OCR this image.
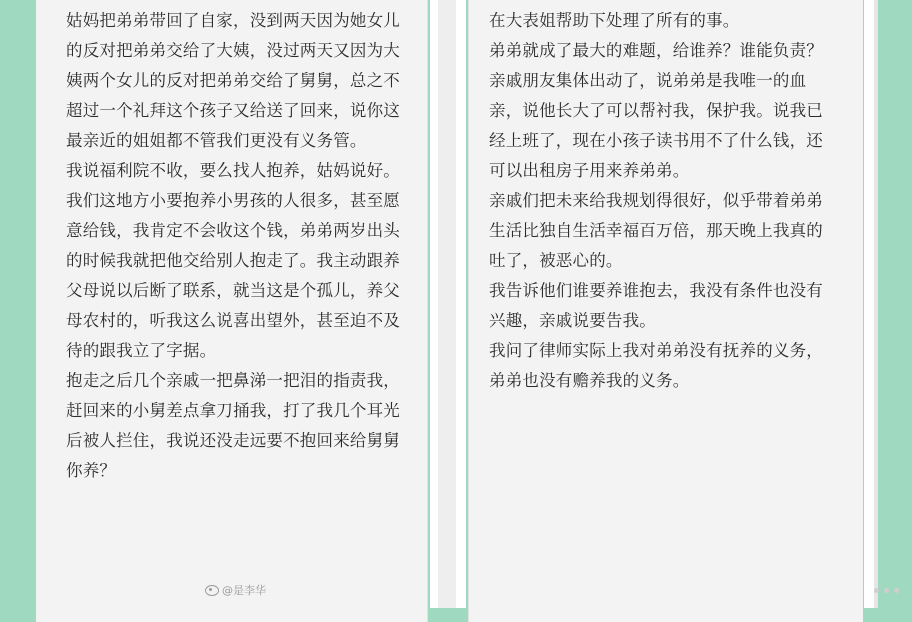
姑妈把弟弟带回了自家，没到两天因为她女儿的反对把弟弟交给了大姨，没过两天又因为大姨两个女儿的反对把弟弟交给了舅舅，总之不超过一个礼拜这个孩子又给送了回来，说你这最亲近的姐姐都不管我们更没有义务管。

我说福利院不收，要么找人抱养，姑妈说好。

我们这地方小要抱养小男孩的人很多，甚至愿意给钱，我肯定不会收这个钱，弟弟两岁出头的时候我就把他交给别人抱走了。我主动跟养父母说以后断了联系，就当这是个孤儿，养父母农村的，听我这么说喜出望外，甚至迫不及待的跟我立了字据。

抱走之后几个亲戚一把鼻涕一把泪的指责我，赶回来的小舅差点拿刀捅我，打了我几个耳光后被人拦住，我说还没走远要不抱回来给舅舅你养？

在大表姐帮助下处理了所有的事。

弟弟就成了最大的难题，给谁养？谁能负责？亲戚朋友集体出动了，说弟弟是我唯一的血亲，说他长大了可以帮衬我，保护我。说我已经上班了，现在小孩子读书用不了什么钱，还可以出租房子用来养弟弟。

亲戚们把未来给我规划得很好，似乎带着弟弟生活比独自生活幸福百万倍，那天晚上我真的吐了，被恶心的。

我告诉他们谁要养谁抱去，我没有条件也没有兴趣，亲戚说要告我。

我问了律师实际上我对弟弟没有抚养的义务，弟弟也没有赡养我的义务。

@是李华
